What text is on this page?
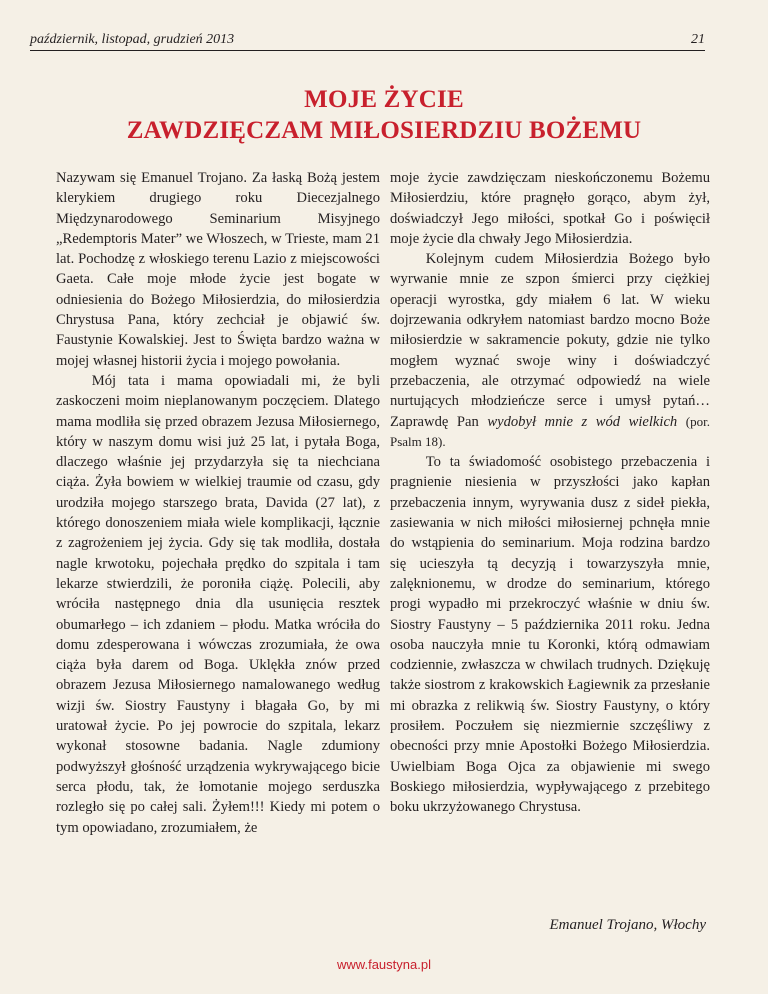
październik, listopad, grudzień 2013	21
MOJE ŻYCIE
ZAWDZIĘCZAM MIŁOSIERDZIU BOŻEMU

Nazywam się Emanuel Trojano. Za łaską Bożą jestem klerykiem drugiego roku Diecezjalnego Międzynarodowego Seminarium Misyjnego „Redemptoris Mater” we Włoszech, w Trieste, mam 21 lat. Pochodzę z włoskiego terenu Lazio z miejscowości Gaeta. Całe moje młode życie jest bogate w odniesienia do Bożego Miłosierdzia, do miłosierdzia Chrystusa Pana, który zechciał je objawić św. Faustynie Kowalskiej. Jest to Święta bardzo ważna w mojej własnej historii życia i mojego powołania.

Mój tata i mama opowiadali mi, że byli zaskoczeni moim nieplanowanym poczęciem. Dlatego mama modliła się przed obrazem Jezusa Miłosiernego, który w naszym domu wisi już 25 lat, i pytała Boga, dlaczego właśnie jej przydarzyła się ta niechciana ciąża. Żyła bowiem w wielkiej traumie od czasu, gdy urodziła mojego starszego brata, Davida (27 lat), z którego donoszeniem miała wiele komplikacji, łącznie z zagrożeniem jej życia. Gdy się tak modliła, dostała nagle krwotoku, pojechała prędko do szpitala i tam lekarze stwierdzili, że poroniła ciążę. Polecili, aby wróciła następnego dnia dla usunięcia resztek obumarłego – ich zdaniem – płodu. Matka wróciła do domu zdesperowana i wówczas zrozumiała, że owa ciąża była darem od Boga. Uklękła znów przed obrazem Jezusa Miłosiernego namalowanego według wizji św. Siostry Faustyny i błagała Go, by mi uratował życie. Po jej powrocie do szpitala, lekarz wykonał stosowne badania. Nagle zdumiony podwyższył głośność urządzenia wykrywającego bicie serca płodu, tak, że łomotanie mojego serduszka rozległo się po całej sali. Żyłem!!! Kiedy mi potem o tym opowiadano, zrozumiałem, że

moje życie zawdzięczam nieskończonemu Bożemu Miłosierdziu, które pragnęło gorąco, abym żył, doświadczył Jego miłości, spotkał Go i poświęcił moje życie dla chwały Jego Miłosierdzia.

Kolejnym cudem Miłosierdzia Bożego było wyrwanie mnie ze szpon śmierci przy ciężkiej operacji wyrostka, gdy miałem 6 lat. W wieku dojrzewania odkryłem natomiast bardzo mocno Boże miłosierdzie w sakramencie pokuty, gdzie nie tylko mogłem wyznać swoje winy i doświadczyć przebaczenia, ale otrzymać odpowiedź na wiele nurtujących młodzieńcze serce i umysł pytań… Zaprawdę Pan wydobył mnie z wód wielkich (por. Psalm 18).

To ta świadomość osobistego przebaczenia i pragnienie niesienia w przyszłości jako kapłan przebaczenia innym, wyrywania dusz z sideł piekła, zasiewania w nich miłości miłosiernej pchnęła mnie do wstąpienia do seminarium. Moja rodzina bardzo się ucieszyła tą decyzją i towarzyszyła mnie, zalęknionemu, w drodze do seminarium, którego progi wypadło mi przekroczyć właśnie w dniu św. Siostry Faustyny – 5 października 2011 roku. Jedna osoba nauczyła mnie tu Koronki, którą odmawiam codziennie, zwłaszcza w chwilach trudnych. Dziękuję także siostrom z krakowskich Łagiewnik za przesłanie mi obrazka z relikwią św. Siostry Faustyny, o który prosiłem. Poczułem się niezmiernie szczęśliwy z obecności przy mnie Apostołki Bożego Miłosierdzia. Uwielbiam Boga Ojca za objawienie mi swego Boskiego miłosierdzia, wypływającego z przebitego boku ukrzyżowanego Chrystusa.

Emanuel Trojano, Włochy
www.faustyna.pl
